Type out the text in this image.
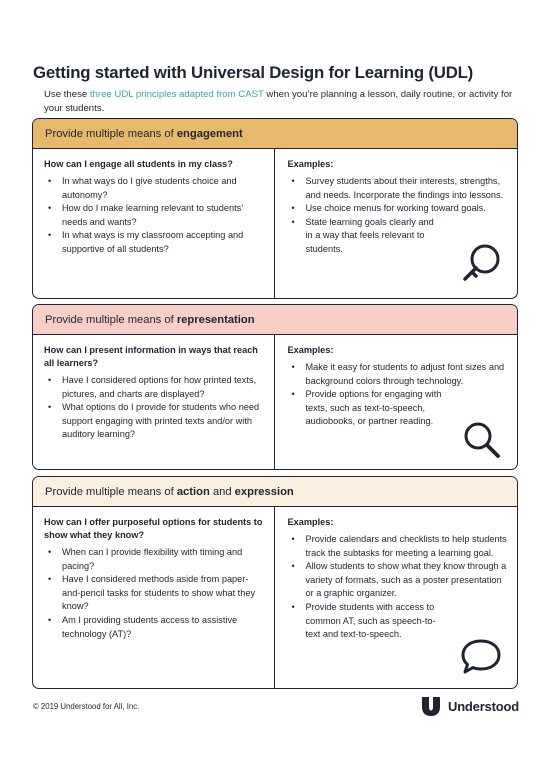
Getting started with Universal Design for Learning (UDL)
Use these three UDL principles adapted from CAST when you’re planning a lesson, daily routine, or activity for your students.
Provide multiple means of engagement
How can I engage all students in my class?
• In what ways do I give students choice and autonomy?
• How do I make learning relevant to students’ needs and wants?
• In what ways is my classroom accepting and supportive of all students?
Examples:
• Survey students about their interests, strengths, and needs. Incorporate the findings into lessons.
• Use choice menus for working toward goals.
• State learning goals clearly and in a way that feels relevant to students.
Provide multiple means of representation
How can I present information in ways that reach all learners?
• Have I considered options for how printed texts, pictures, and charts are displayed?
• What options do I provide for students who need support engaging with printed texts and/or with auditory learning?
Examples:
• Make it easy for students to adjust font sizes and background colors through technology.
• Provide options for engaging with texts, such as text-to-speech, audiobooks, or partner reading.
Provide multiple means of action and expression
How can I offer purposeful options for students to show what they know?
• When can I provide flexibility with timing and pacing?
• Have I considered methods aside from paper-and-pencil tasks for students to show what they know?
• Am I providing students access to assistive technology (AT)?
Examples:
• Provide calendars and checklists to help students track the subtasks for meeting a learning goal.
• Allow students to show what they know through a variety of formats, such as a poster presentation or a graphic organizer.
• Provide students with access to common AT, such as speech-to-text and text-to-speech.
© 2019 Understood for All, Inc.	Understood
